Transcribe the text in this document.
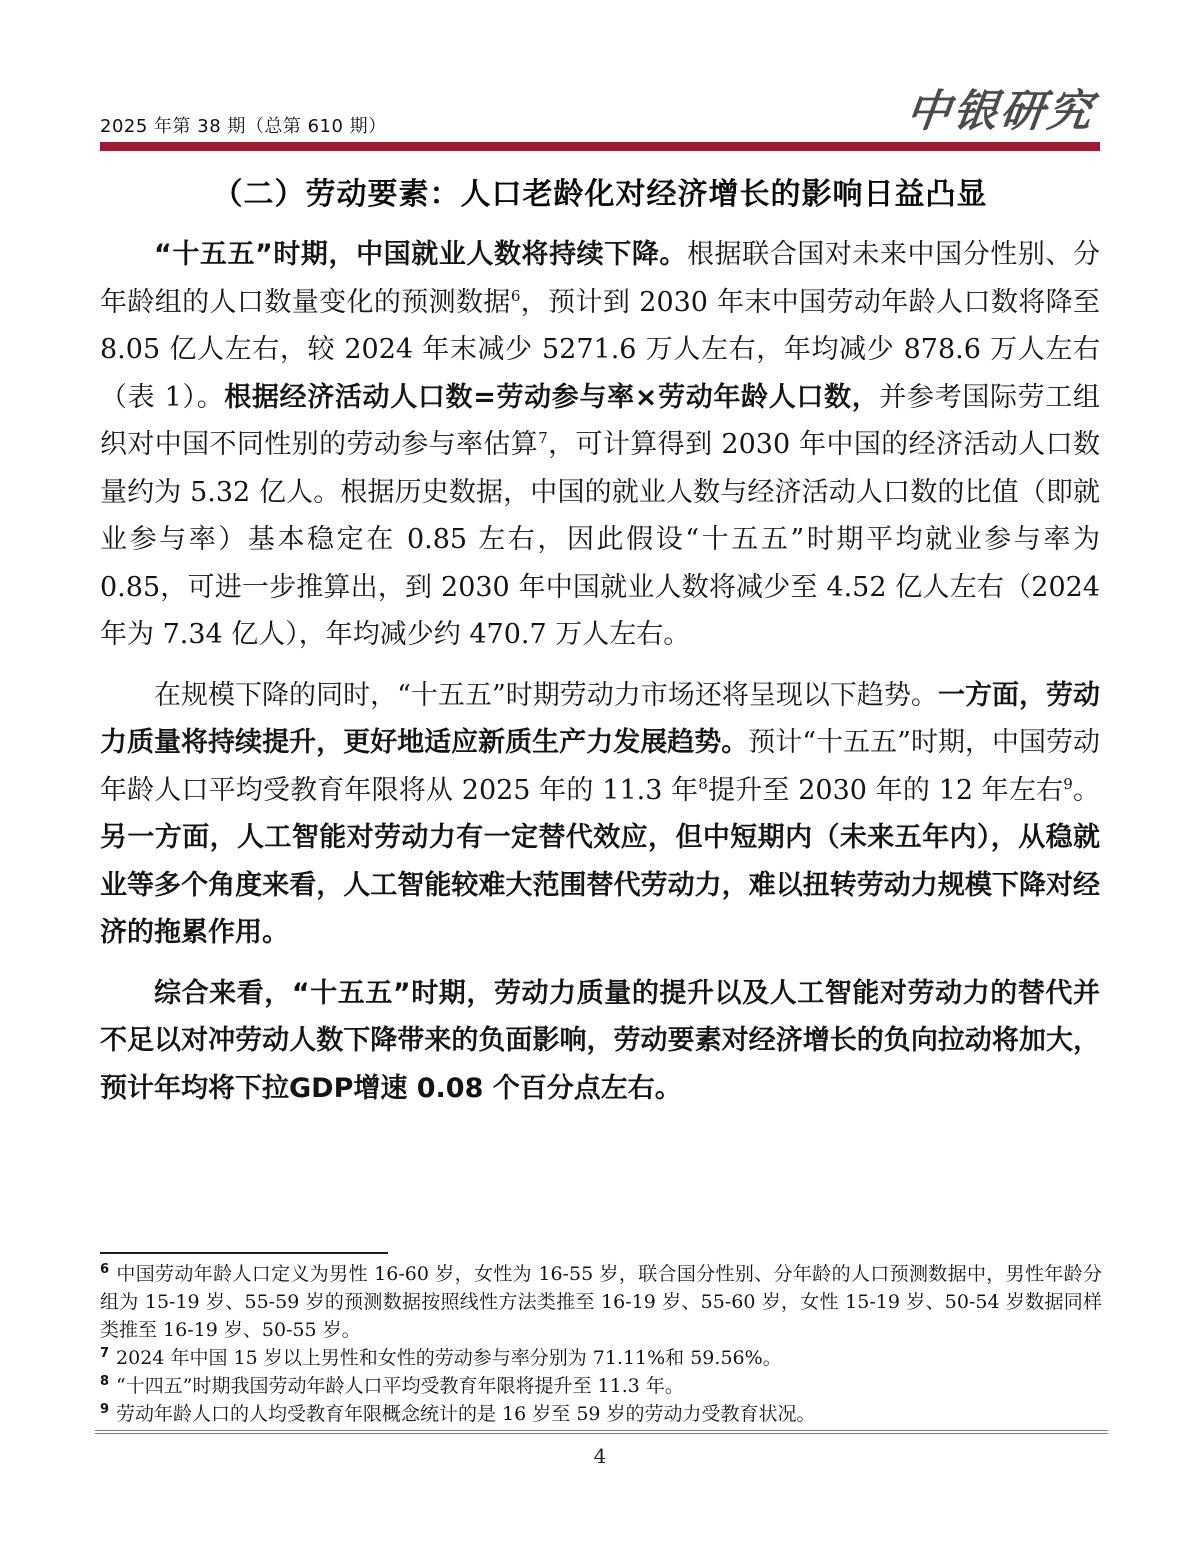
2025 年第 38 期（总第 610 期）	中银研究
（二）劳动要素：人口老龄化对经济增长的影响日益凸显

“十五五”时期，中国就业人数将持续下降。根据联合国对未来中国分性别、分年龄组的人口数量变化的预测数据$^6$，预计到 2030 年末中国劳动年龄人口数将降至 8.05 亿人左右，较 2024 年末减少 5271.6 万人左右，年均减少 878.6 万人左右（表 1）。根据经济活动人口数=劳动参与率×劳动年龄人口数，并参考国际劳工组织对中国不同性别的劳动参与率估算$^7$，可计算得到 2030 年中国的经济活动人口数量约为 5.32 亿人。根据历史数据，中国的就业人数与经济活动人口数的比值（即就业参与率）基本稳定在 0.85 左右，因此假设“十五五”时期平均就业参与率为 0.85，可进一步推算出，到 2030 年中国就业人数将减少至 4.52 亿人左右（2024 年为 7.34 亿人），年均减少约 470.7 万人左右。

在规模下降的同时，“十五五”时期劳动力市场还将呈现以下趋势。一方面，劳动力质量将持续提升，更好地适应新质生产力发展趋势。预计“十五五”时期，中国劳动年龄人口平均受教育年限将从 2025 年的 11.3 年$^8$提升至 2030 年的 12 年左右$^9$。另一方面，人工智能对劳动力有一定替代效应，但中短期内（未来五年内），从稳就业等多个角度来看，人工智能较难大范围替代劳动力，难以扭转劳动力规模下降对经济的拖累作用。

综合来看，“十五五”时期，劳动力质量的提升以及人工智能对劳动力的替代并不足以对冲劳动人数下降带来的负面影响，劳动要素对经济增长的负向拉动将加大，预计年均将下拉GDP增速 0.08 个百分点左右。

$^6$ 中国劳动年龄人口定义为男性 16-60 岁，女性为 16-55 岁，联合国分性别、分年龄的人口预测数据中，男性年龄分组为 15-19 岁、55-59 岁的预测数据按照线性方法类推至 16-19 岁、55-60 岁，女性 15-19 岁、50-54 岁数据同样类推至 16-19 岁、50-55 岁。
$^7$ 2024 年中国 15 岁以上男性和女性的劳动参与率分别为 71.11%和 59.56%。
$^8$ “十四五”时期我国劳动年龄人口平均受教育年限将提升至 11.3 年。
$^9$ 劳动年龄人口的人均受教育年限概念统计的是 16 岁至 59 岁的劳动力受教育状况。
4
